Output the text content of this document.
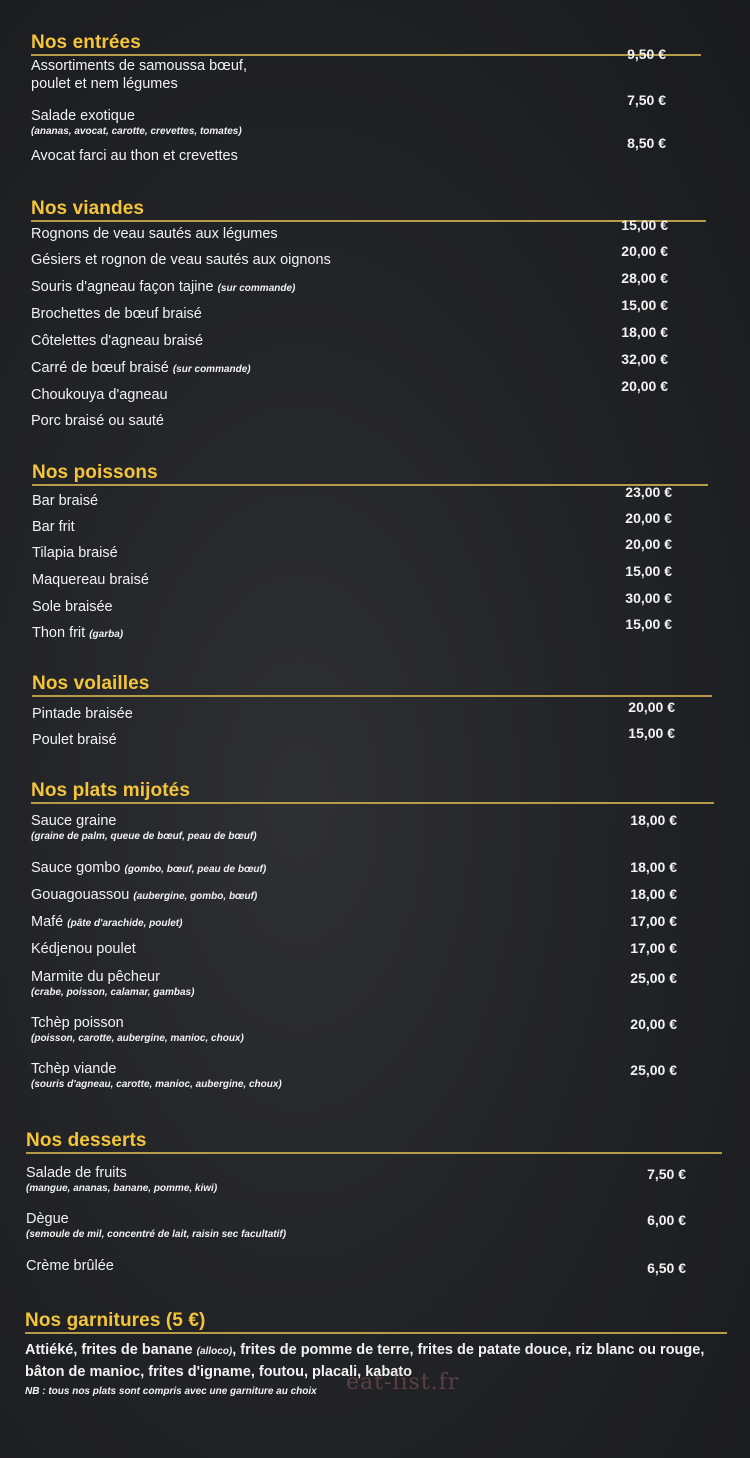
Nos entrées
Assortiments de samoussa bœuf,
poulet et nem légumes
9,50 €
Salade exotique
(ananas, avocat, carotte, crevettes, tomates)
7,50 €
Avocat farci au thon et crevettes
8,50 €
Nos viandes
Rognons de veau sautés aux légumes
15,00 €
Gésiers et rognon de veau sautés aux oignons
20,00 €
Souris d'agneau façon tajine (sur commande)
28,00 €
Brochettes de bœuf braisé
15,00 €
Côtelettes d'agneau braisé
18,00 €
Carré de bœuf braisé (sur commande)
32,00 €
Choukouya d'agneau
20,00 €
Porc braisé ou sauté
Nos poissons
Bar braisé
23,00 €
Bar frit
20,00 €
Tilapia braisé
20,00 €
Maquereau braisé
15,00 €
Sole braisée
30,00 €
Thon frit (garba)
15,00 €
Nos volailles
Pintade braisée	20,00 €
Poulet braisé	15,00 €
Nos plats mijotés
Sauce graine
(graine de palm, queue de bœuf, peau de bœuf)
18,00 €
Sauce gombo (gombo, bœuf, peau de bœuf)	18,00 €
Gouagouassou (aubergine, gombo, bœuf)	18,00 €
Mafé (pâte d'arachide, poulet)	17,00 €
Kédjenou poulet	17,00 €
Marmite du pêcheur
(crabe, poisson, calamar, gambas)
25,00 €
Tchèp poisson
(poisson, carotte, aubergine, manioc, choux)
20,00 €
Tchèp viande
(souris d'agneau, carotte, manioc, aubergine, choux)
25,00 €
Nos desserts
Salade de fruits
(mangue, ananas, banane, pomme, kiwi)
7,50 €
Dègue
(semoule de mil, concentré de lait, raisin sec facultatif)
6,00 €
Crème brûlée	6,50 €
Nos garnitures (5 €)
Attiéké, frites de banane (alloco), frites de pomme de terre, frites de patate douce, riz blanc ou rouge, bâton de manioc, frites d'igname, foutou, placali, kabato
NB : tous nos plats sont compris avec une garniture au choix	eat-list.fr
